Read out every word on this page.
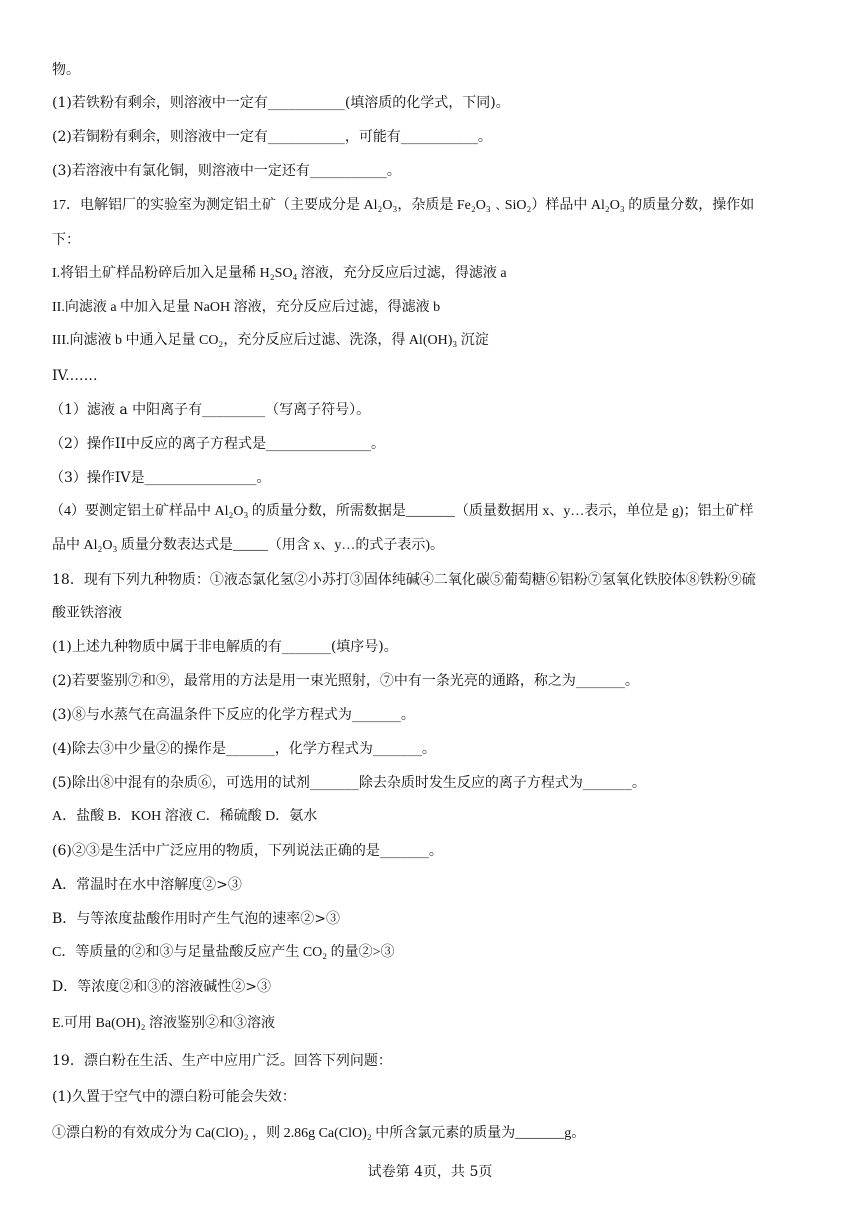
物。
(1)若铁粉有剩余，则溶液中一定有___________(填溶质的化学式，下同)。
(2)若铜粉有剩余，则溶液中一定有___________，可能有___________。
(3)若溶液中有氯化铜，则溶液中一定还有___________。
17．电解铝厂的实验室为测定铝土矿（主要成分是 Al₂O₃，杂质是 Fe₂O₃﹑SiO₂）样品中 Al₂O₃ 的质量分数，操作如
下：
I.将铝土矿样品粉碎后加入足量稀 H₂SO₄ 溶液，充分反应后过滤，得滤液 a
II.向滤液 a 中加入足量 NaOH 溶液，充分反应后过滤，得滤液 b
III.向滤液 b 中通入足量 CO₂，充分反应后过滤、洗涤，得 Al(OH)₃ 沉淀
IV.……
（1）滤液 a 中阳离子有_________（写离子符号）。
（2）操作II中反应的离子方程式是_______________。
（3）操作IV是________________。
（4）要测定铝土矿样品中 Al₂O₃ 的质量分数，所需数据是_______（质量数据用 x、y…表示，单位是 g)；铝土矿样
品中 Al₂O₃ 质量分数表达式是_____（用含 x、y…的式子表示)。
18．现有下列九种物质：①液态氯化氢②小苏打③固体纯碱④二氧化碳⑤葡萄糖⑥铝粉⑦氢氧化铁胶体⑧铁粉⑨硫
酸亚铁溶液
(1)上述九种物质中属于非电解质的有_______(填序号)。
(2)若要鉴别⑦和⑨，最常用的方法是用一束光照射，⑦中有一条光亮的通路，称之为_______。
(3)⑧与水蒸气在高温条件下反应的化学方程式为_______。
(4)除去③中少量②的操作是_______，化学方程式为_______。
(5)除出⑧中混有的杂质⑥，可选用的试剂_______除去杂质时发生反应的离子方程式为_______。
A．盐酸 B．KOH 溶液 C．稀硫酸 D．氨水
(6)②③是生活中广泛应用的物质，下列说法正确的是_______。
A．常温时在水中溶解度②>③
B．与等浓度盐酸作用时产生气泡的速率②>③
C．等质量的②和③与足量盐酸反应产生 CO₂ 的量②>③
D．等浓度②和③的溶液碱性②>③
E.可用 Ba(OH)₂ 溶液鉴别②和③溶液
19．漂白粉在生活、生产中应用广泛。回答下列问题：
(1)久置于空气中的漂白粉可能会失效：
①漂白粉的有效成分为 Ca(ClO)₂ ，则 2.86g Ca(ClO)₂ 中所含氯元素的质量为_______g。
试卷第 4页，共 5页
